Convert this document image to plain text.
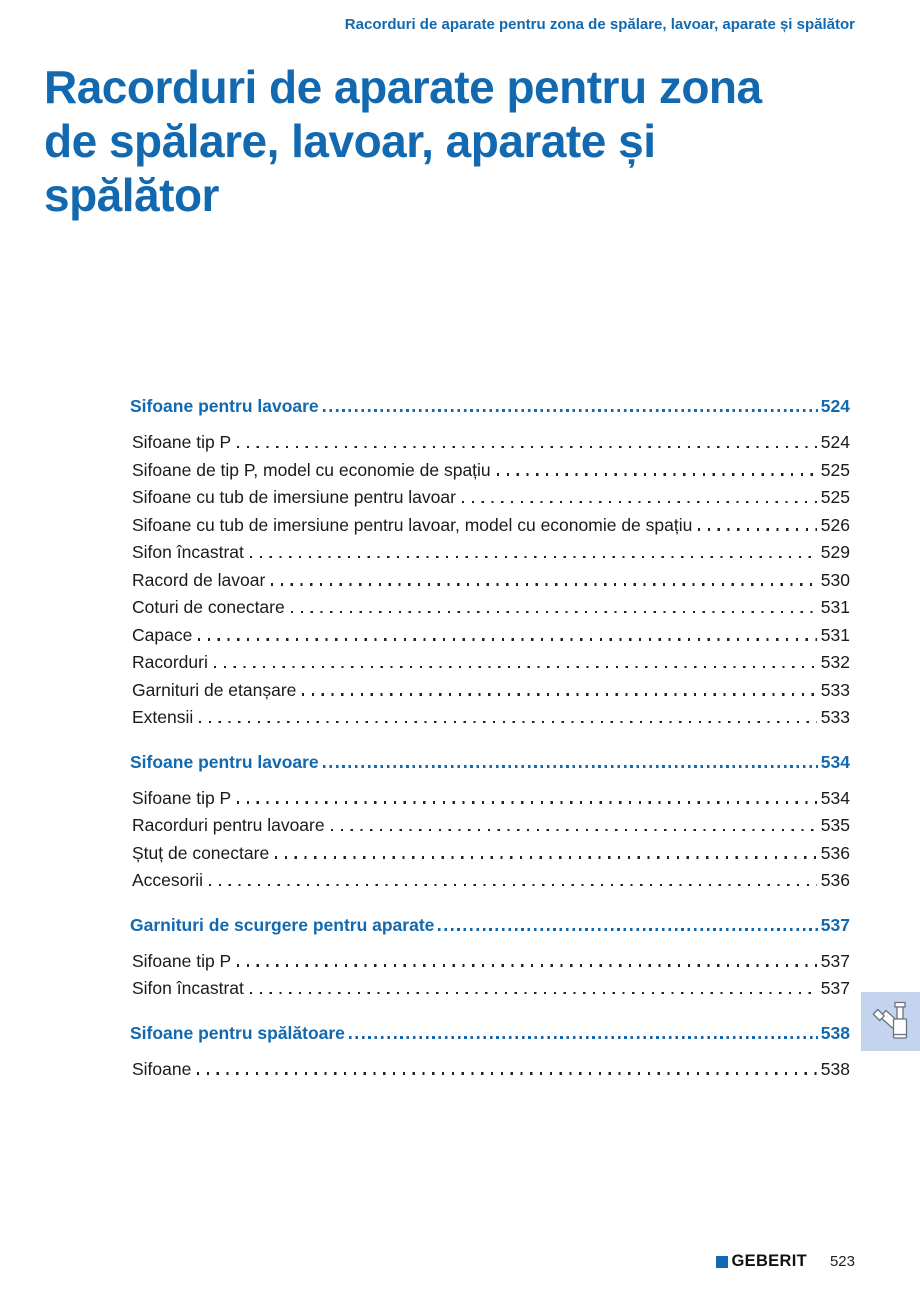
Racorduri de aparate pentru zona de spălare, lavoar, aparate și spălător
Racorduri de aparate pentru zona
de spălare, lavoar, aparate și
spălător
Sifoane pentru lavoare	524
Sifoane tip P	524
Sifoane de tip P, model cu economie de spațiu	525
Sifoane cu tub de imersiune pentru lavoar	525
Sifoane cu tub de imersiune pentru lavoar, model cu economie de spațiu	526
Sifon încastrat	529
Racord de lavoar	530
Coturi de conectare	531
Capace	531
Racorduri	532
Garnituri de etanșare	533
Extensii	533
Sifoane pentru lavoare	534
Sifoane tip P	534
Racorduri pentru lavoare	535
Ștuț de conectare	536
Accesorii	536
Garnituri de scurgere pentru aparate	537
Sifoane tip P	537
Sifon încastrat	537
Sifoane pentru spălătoare	538
Sifoane	538
GEBERIT 523
